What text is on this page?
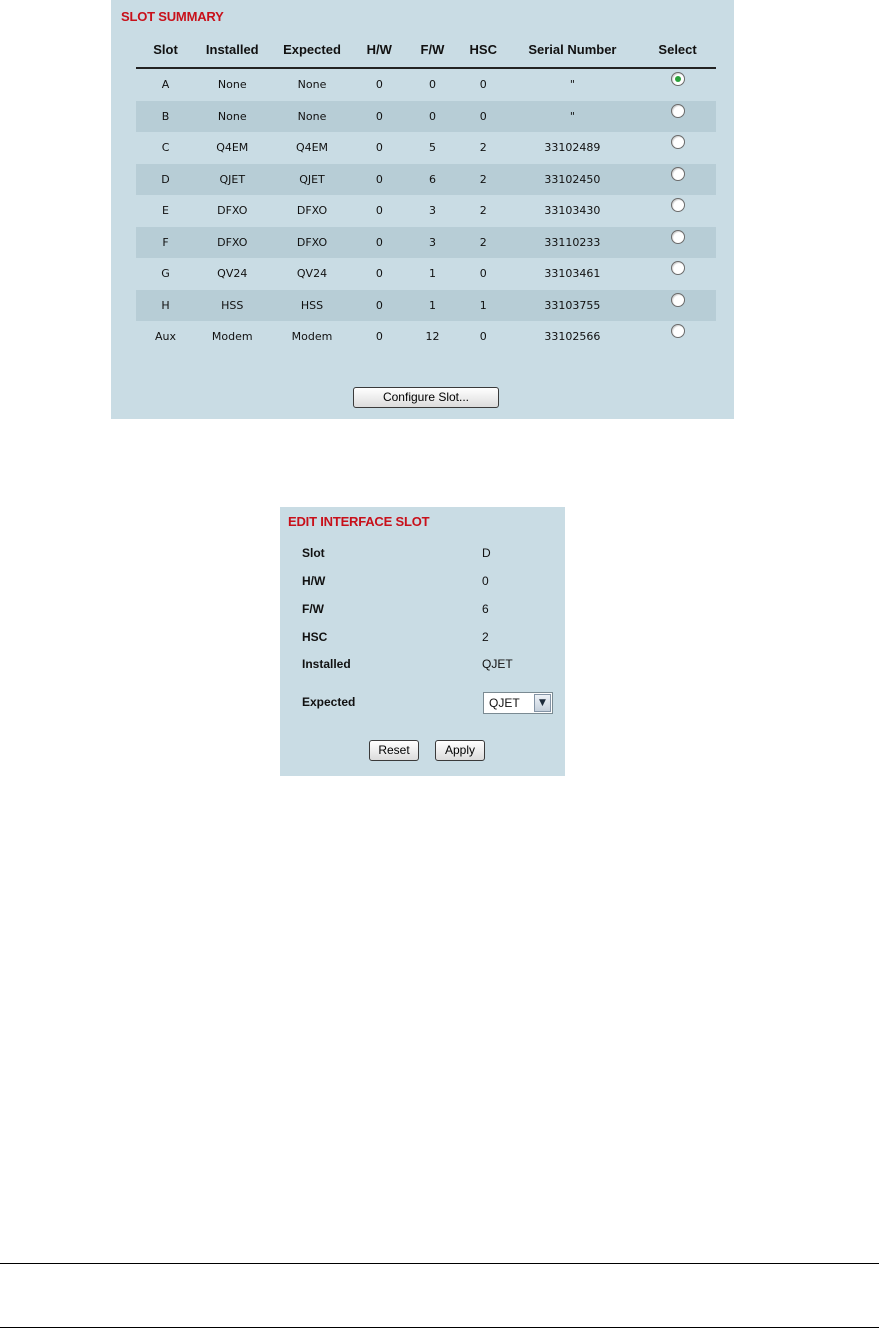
SLOT SUMMARY
Slot	Installed	Expected	H/W	F/W	HSC	Serial Number	Select
A	None	None	0	0	0	"	
B	None	None	0	0	0	"	
C	Q4EM	Q4EM	0	5	2	33102489	
D	QJET	QJET	0	6	2	33102450	
E	DFXO	DFXO	0	3	2	33103430	
F	DFXO	DFXO	0	3	2	33110233	
G	QV24	QV24	0	1	0	33103461	
H	HSS	HSS	0	1	1	33103755	
Aux	Modem	Modem	0	12	0	33102566	
Configure Slot...
EDIT INTERFACE SLOT
Slot	D
H/W	0
F/W	6
HSC	2
Installed	QJET
Expected	QJET	▼
Reset	Apply
